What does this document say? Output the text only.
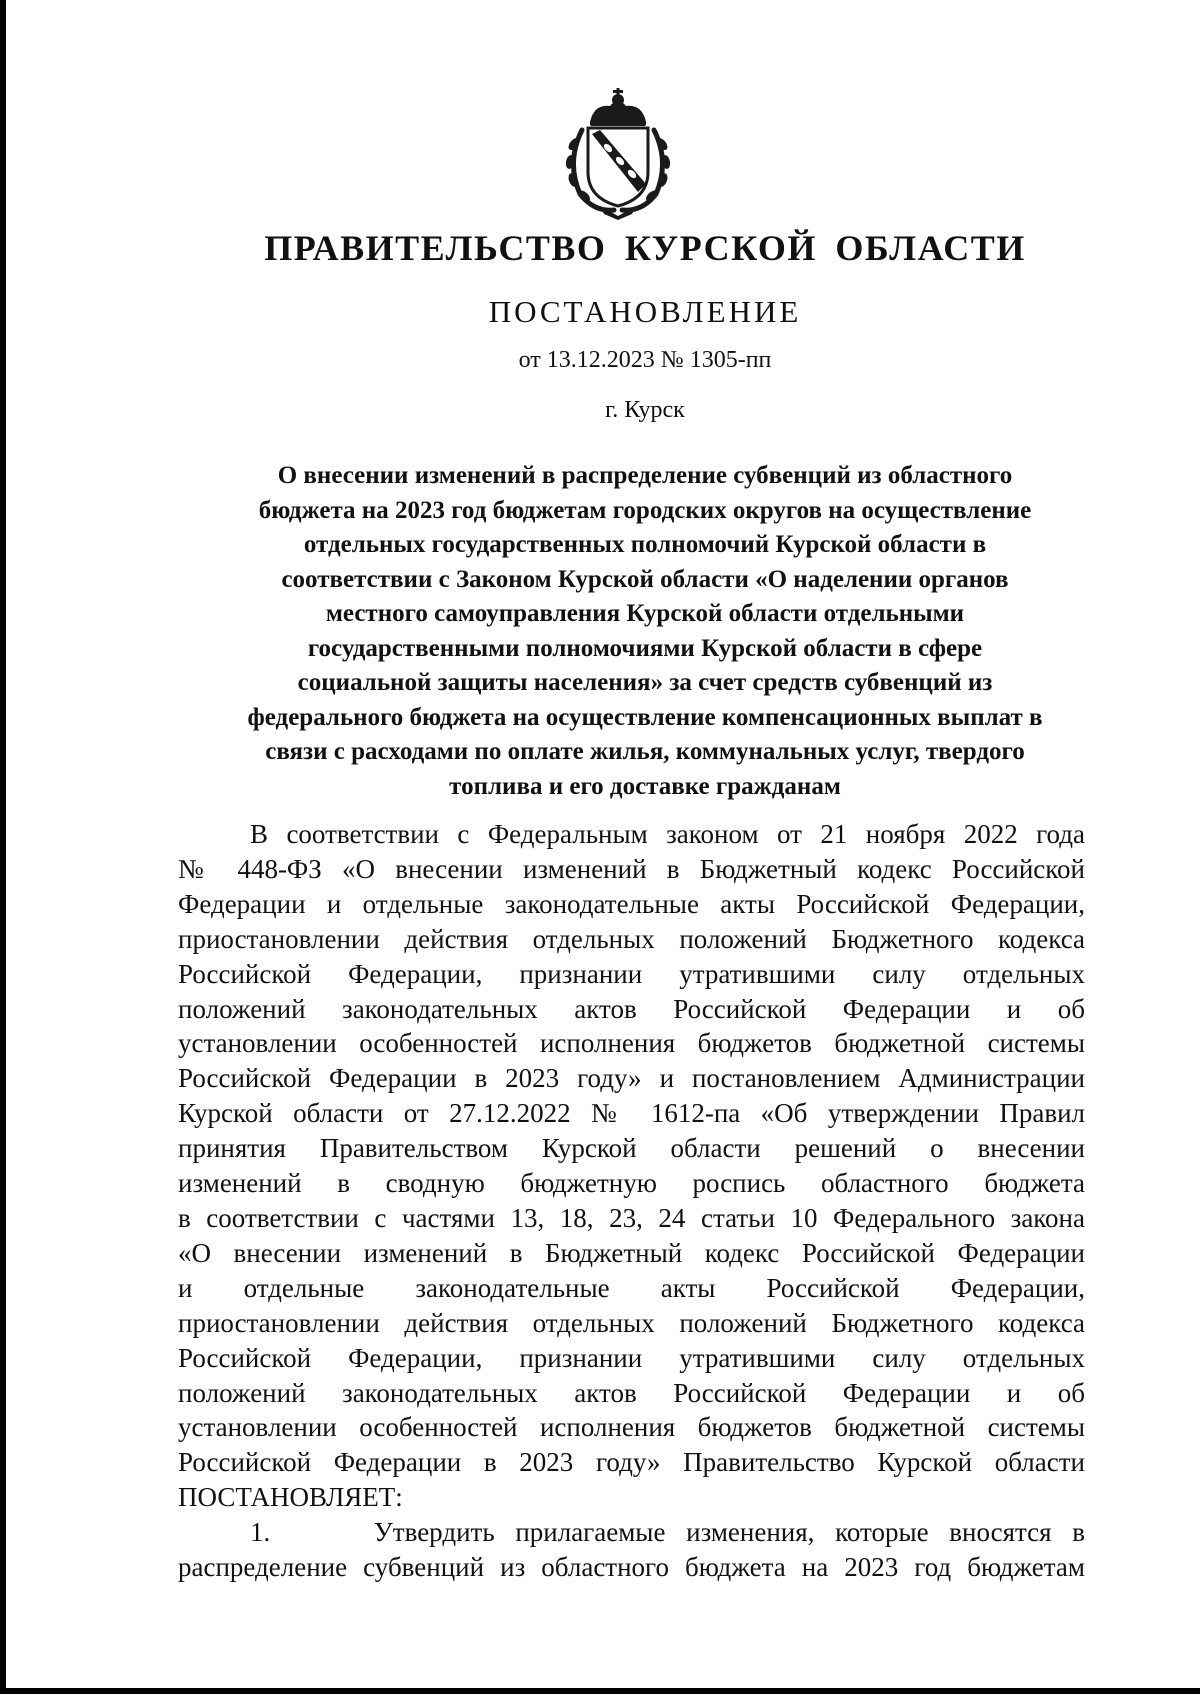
ПРАВИТЕЛЬСТВО КУРСКОЙ ОБЛАСТИ
ПОСТАНОВЛЕНИЕ
от 13.12.2023 № 1305-пп
г. Курск
О внесении изменений в распределение субвенций из областного
бюджета на 2023 год бюджетам городских округов на осуществление
отдельных государственных полномочий Курской области в
соответствии с Законом Курской области «О наделении органов
местного самоуправления Курской области отдельными
государственными полномочиями Курской области в сфере
социальной защиты населения» за счет средств субвенций из
федерального бюджета на осуществление компенсационных выплат в
связи с расходами по оплате жилья, коммунальных услуг, твердого
топлива и его доставке гражданам
В соответствии с Федеральным законом от 21 ноября 2022 года
№ 448-ФЗ «О внесении изменений в Бюджетный кодекс Российской
Федерации и отдельные законодательные акты Российской Федерации,
приостановлении действия отдельных положений Бюджетного кодекса
Российской Федерации, признании утратившими силу отдельных
положений законодательных актов Российской Федерации и об
установлении особенностей исполнения бюджетов бюджетной системы
Российской Федерации в 2023 году» и постановлением Администрации
Курской области от 27.12.2022 № 1612-па «Об утверждении Правил
принятия Правительством Курской области решений о внесении
изменений в сводную бюджетную роспись областного бюджета
в соответствии с частями 13, 18, 23, 24 статьи 10 Федерального закона
«О внесении изменений в Бюджетный кодекс Российской Федерации
и отдельные законодательные акты Российской Федерации,
приостановлении действия отдельных положений Бюджетного кодекса
Российской Федерации, признании утратившими силу отдельных
положений законодательных актов Российской Федерации и об
установлении особенностей исполнения бюджетов бюджетной системы
Российской Федерации в 2023 году» Правительство Курской области
ПОСТАНОВЛЯЕТ:
1.     Утвердить прилагаемые изменения, которые вносятся в
распределение субвенций из областного бюджета на 2023 год бюджетам
